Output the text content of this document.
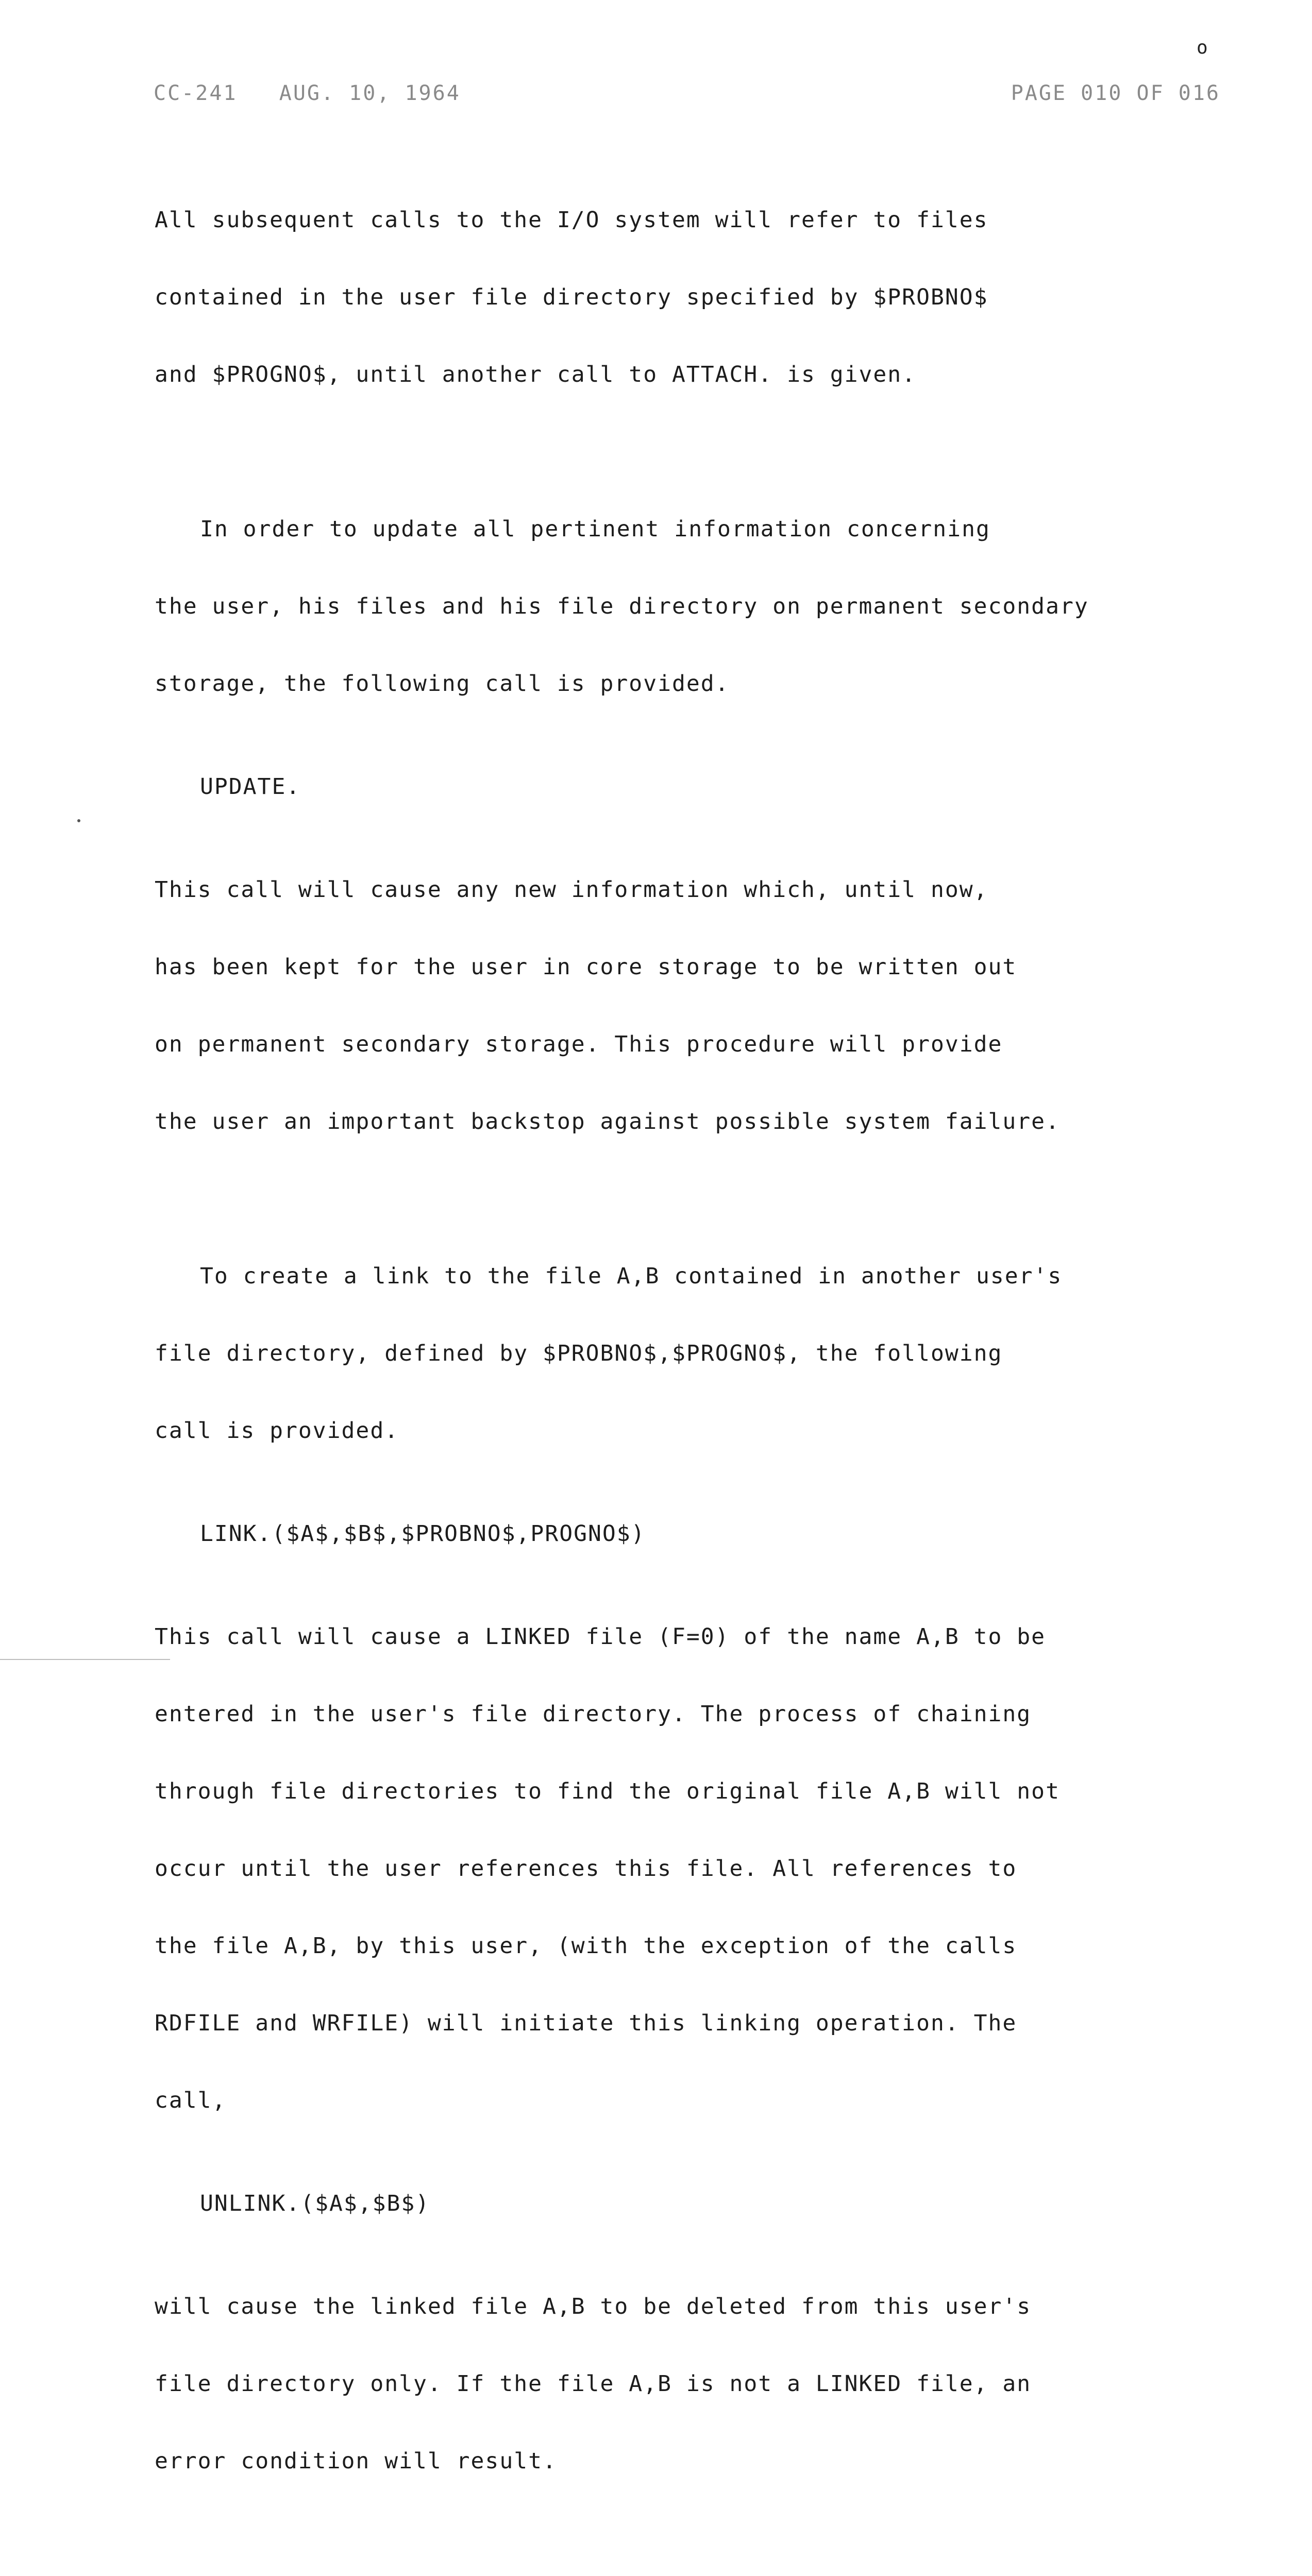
o
CC-241   AUG. 10, 1964	PAGE 010 OF 016

All subsequent calls to the I/O system will refer to files

contained in the user file directory specified by $PROBNO$

and $PROGNO$, until another call to ATTACH. is given.

In order to update all pertinent information concerning

the user, his files and his file directory on permanent secondary

storage, the following call is provided.

UPDATE.

This call will cause any new information which, until now,

has been kept for the user in core storage to be written out

on permanent secondary storage. This procedure will provide

the user an important backstop against possible system failure.

To create a link to the file A,B contained in another user's

file directory, defined by $PROBNO$,$PROGNO$, the following

call is provided.

LINK.($A$,$B$,$PROBNO$,PROGNO$)

This call will cause a LINKED file (F=0) of the name A,B to be

entered in the user's file directory. The process of chaining

through file directories to find the original file A,B will not

occur until the user references this file. All references to

the file A,B, by this user, (with the exception of the calls

RDFILE and WRFILE) will initiate this linking operation. The

call,

UNLINK.($A$,$B$)

will cause the linked file A,B to be deleted from this user's

file directory only. If the file A,B is not a LINKED file, an

error condition will result.
